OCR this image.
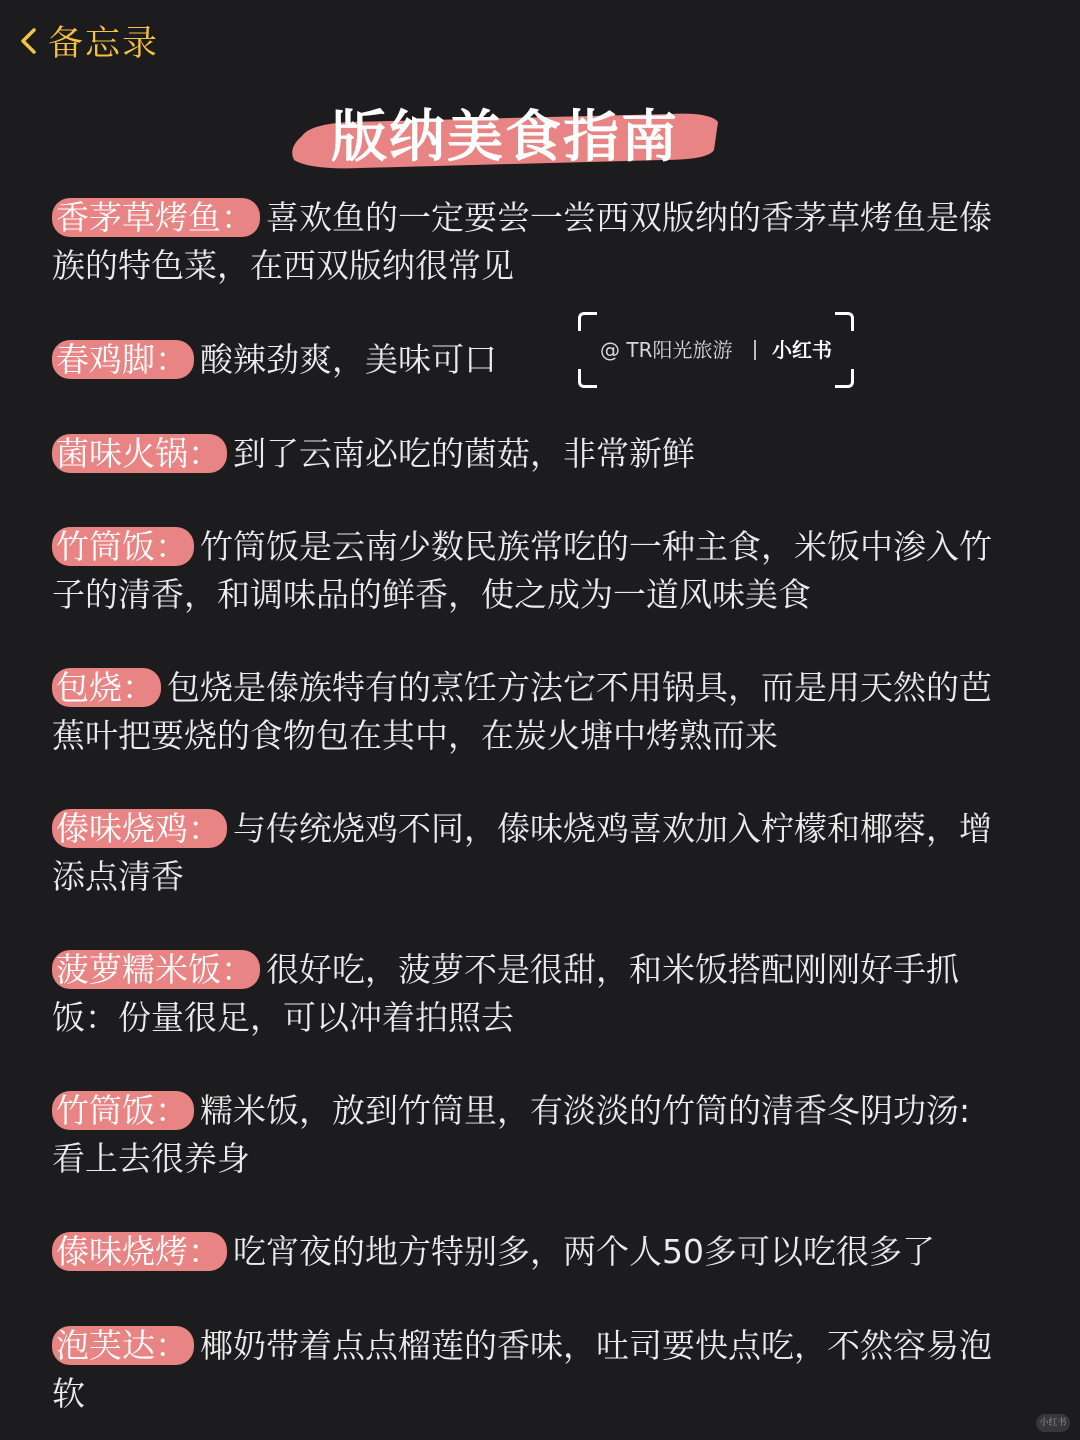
备忘录
版纳美食指南
香茅草烤鱼： 喜欢鱼的一定要尝一尝西双版纳的香茅草烤鱼是傣族的特色菜，在西双版纳很常见
春鸡脚： 酸辣劲爽，美味可口
菌味火锅： 到了云南必吃的菌菇，非常新鲜
竹筒饭： 竹筒饭是云南少数民族常吃的一种主食，米饭中渗入竹子的清香，和调味品的鲜香，使之成为一道风味美食
包烧： 包烧是傣族特有的烹饪方法它不用锅具，而是用天然的芭蕉叶把要烧的食物包在其中，在炭火塘中烤熟而来
傣味烧鸡： 与传统烧鸡不同，傣味烧鸡喜欢加入柠檬和椰蓉，增添点清香
菠萝糯米饭： 很好吃，菠萝不是很甜，和米饭搭配刚刚好手抓饭：份量很足，可以冲着拍照去
竹筒饭： 糯米饭，放到竹筒里，有淡淡的竹筒的清香冬阴功汤:看上去很养身
傣味烧烤： 吃宵夜的地方特别多，两个人50多可以吃很多了
泡芙达： 椰奶带着点点榴莲的香味，吐司要快点吃，不然容易泡软
@ TR阳光旅游 小红书
小红书
